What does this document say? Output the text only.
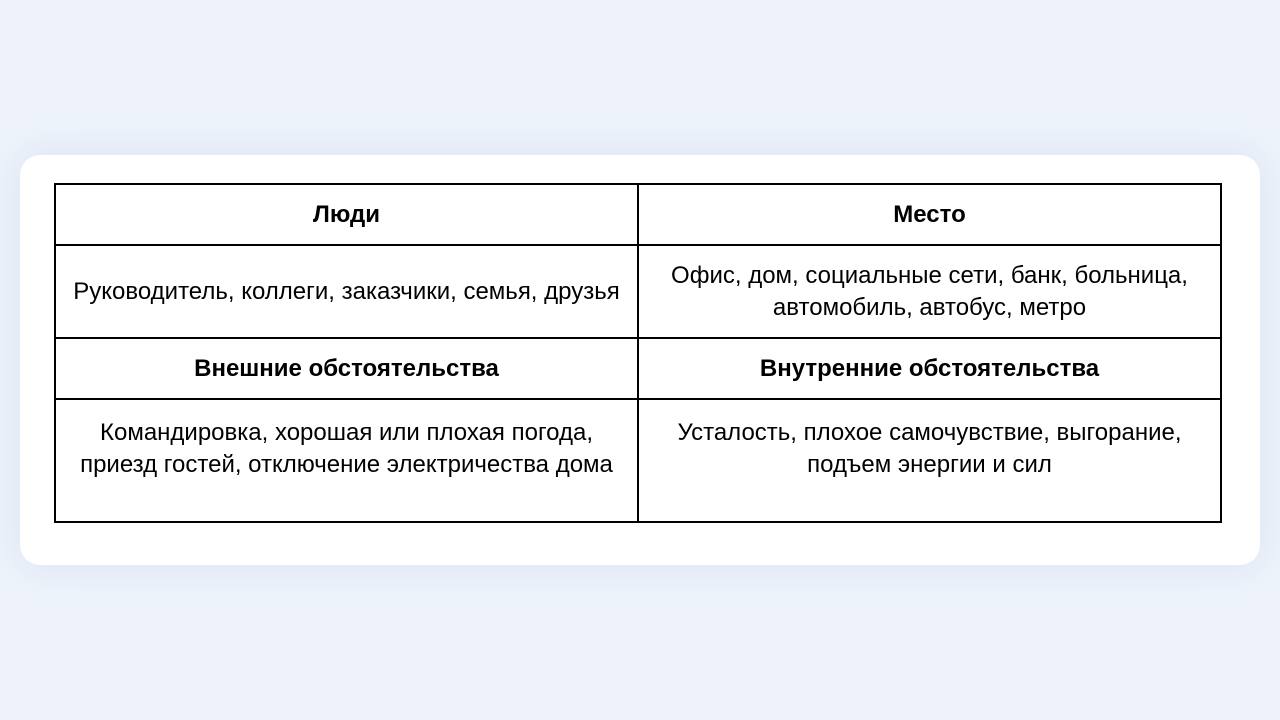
Люди	Место
Руководитель, коллеги, заказчики, семья, друзья	Офис, дом, социальные сети, банк, больница, автомобиль, автобус, метро
Внешние обстоятельства	Внутренние обстоятельства
Командировка, хорошая или плохая погода, приезд гостей, отключение электричества дома	Усталость, плохое самочувствие, выгорание, подъем энергии и сил
